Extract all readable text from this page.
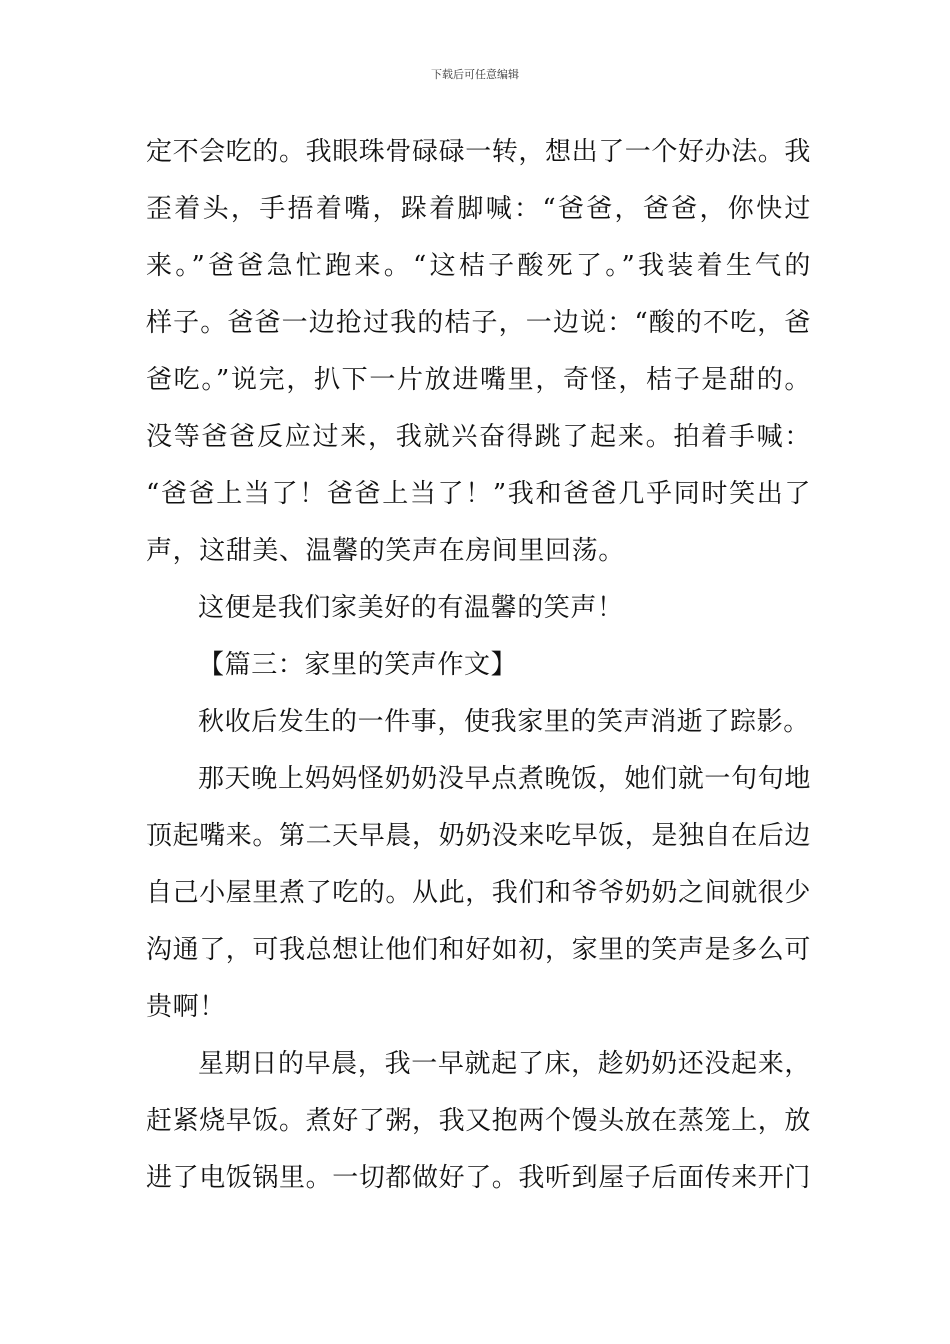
下载后可任意编辑
定不会吃的。我眼珠骨碌碌一转，想出了一个好办法。我
歪着头，手捂着嘴，跺着脚喊：“爸爸，爸爸，你快过
来。”爸爸急忙跑来。“这桔子酸死了。”我装着生气的
样子。爸爸一边抢过我的桔子，一边说：“酸的不吃，爸
爸吃。”说完，扒下一片放进嘴里，奇怪，桔子是甜的。
没等爸爸反应过来，我就兴奋得跳了起来。拍着手喊：
“爸爸上当了！爸爸上当了！”我和爸爸几乎同时笑出了
声，这甜美、温馨的笑声在房间里回荡。
这便是我们家美好的有温馨的笑声！
【篇三：家里的笑声作文】
秋收后发生的一件事，使我家里的笑声消逝了踪影。
那天晚上妈妈怪奶奶没早点煮晚饭，她们就一句句地
顶起嘴来。第二天早晨，奶奶没来吃早饭，是独自在后边
自己小屋里煮了吃的。从此，我们和爷爷奶奶之间就很少
沟通了，可我总想让他们和好如初，家里的笑声是多么可
贵啊！
星期日的早晨，我一早就起了床，趁奶奶还没起来，
赶紧烧早饭。煮好了粥，我又抱两个馒头放在蒸笼上，放
进了电饭锅里。一切都做好了。我听到屋子后面传来开门
